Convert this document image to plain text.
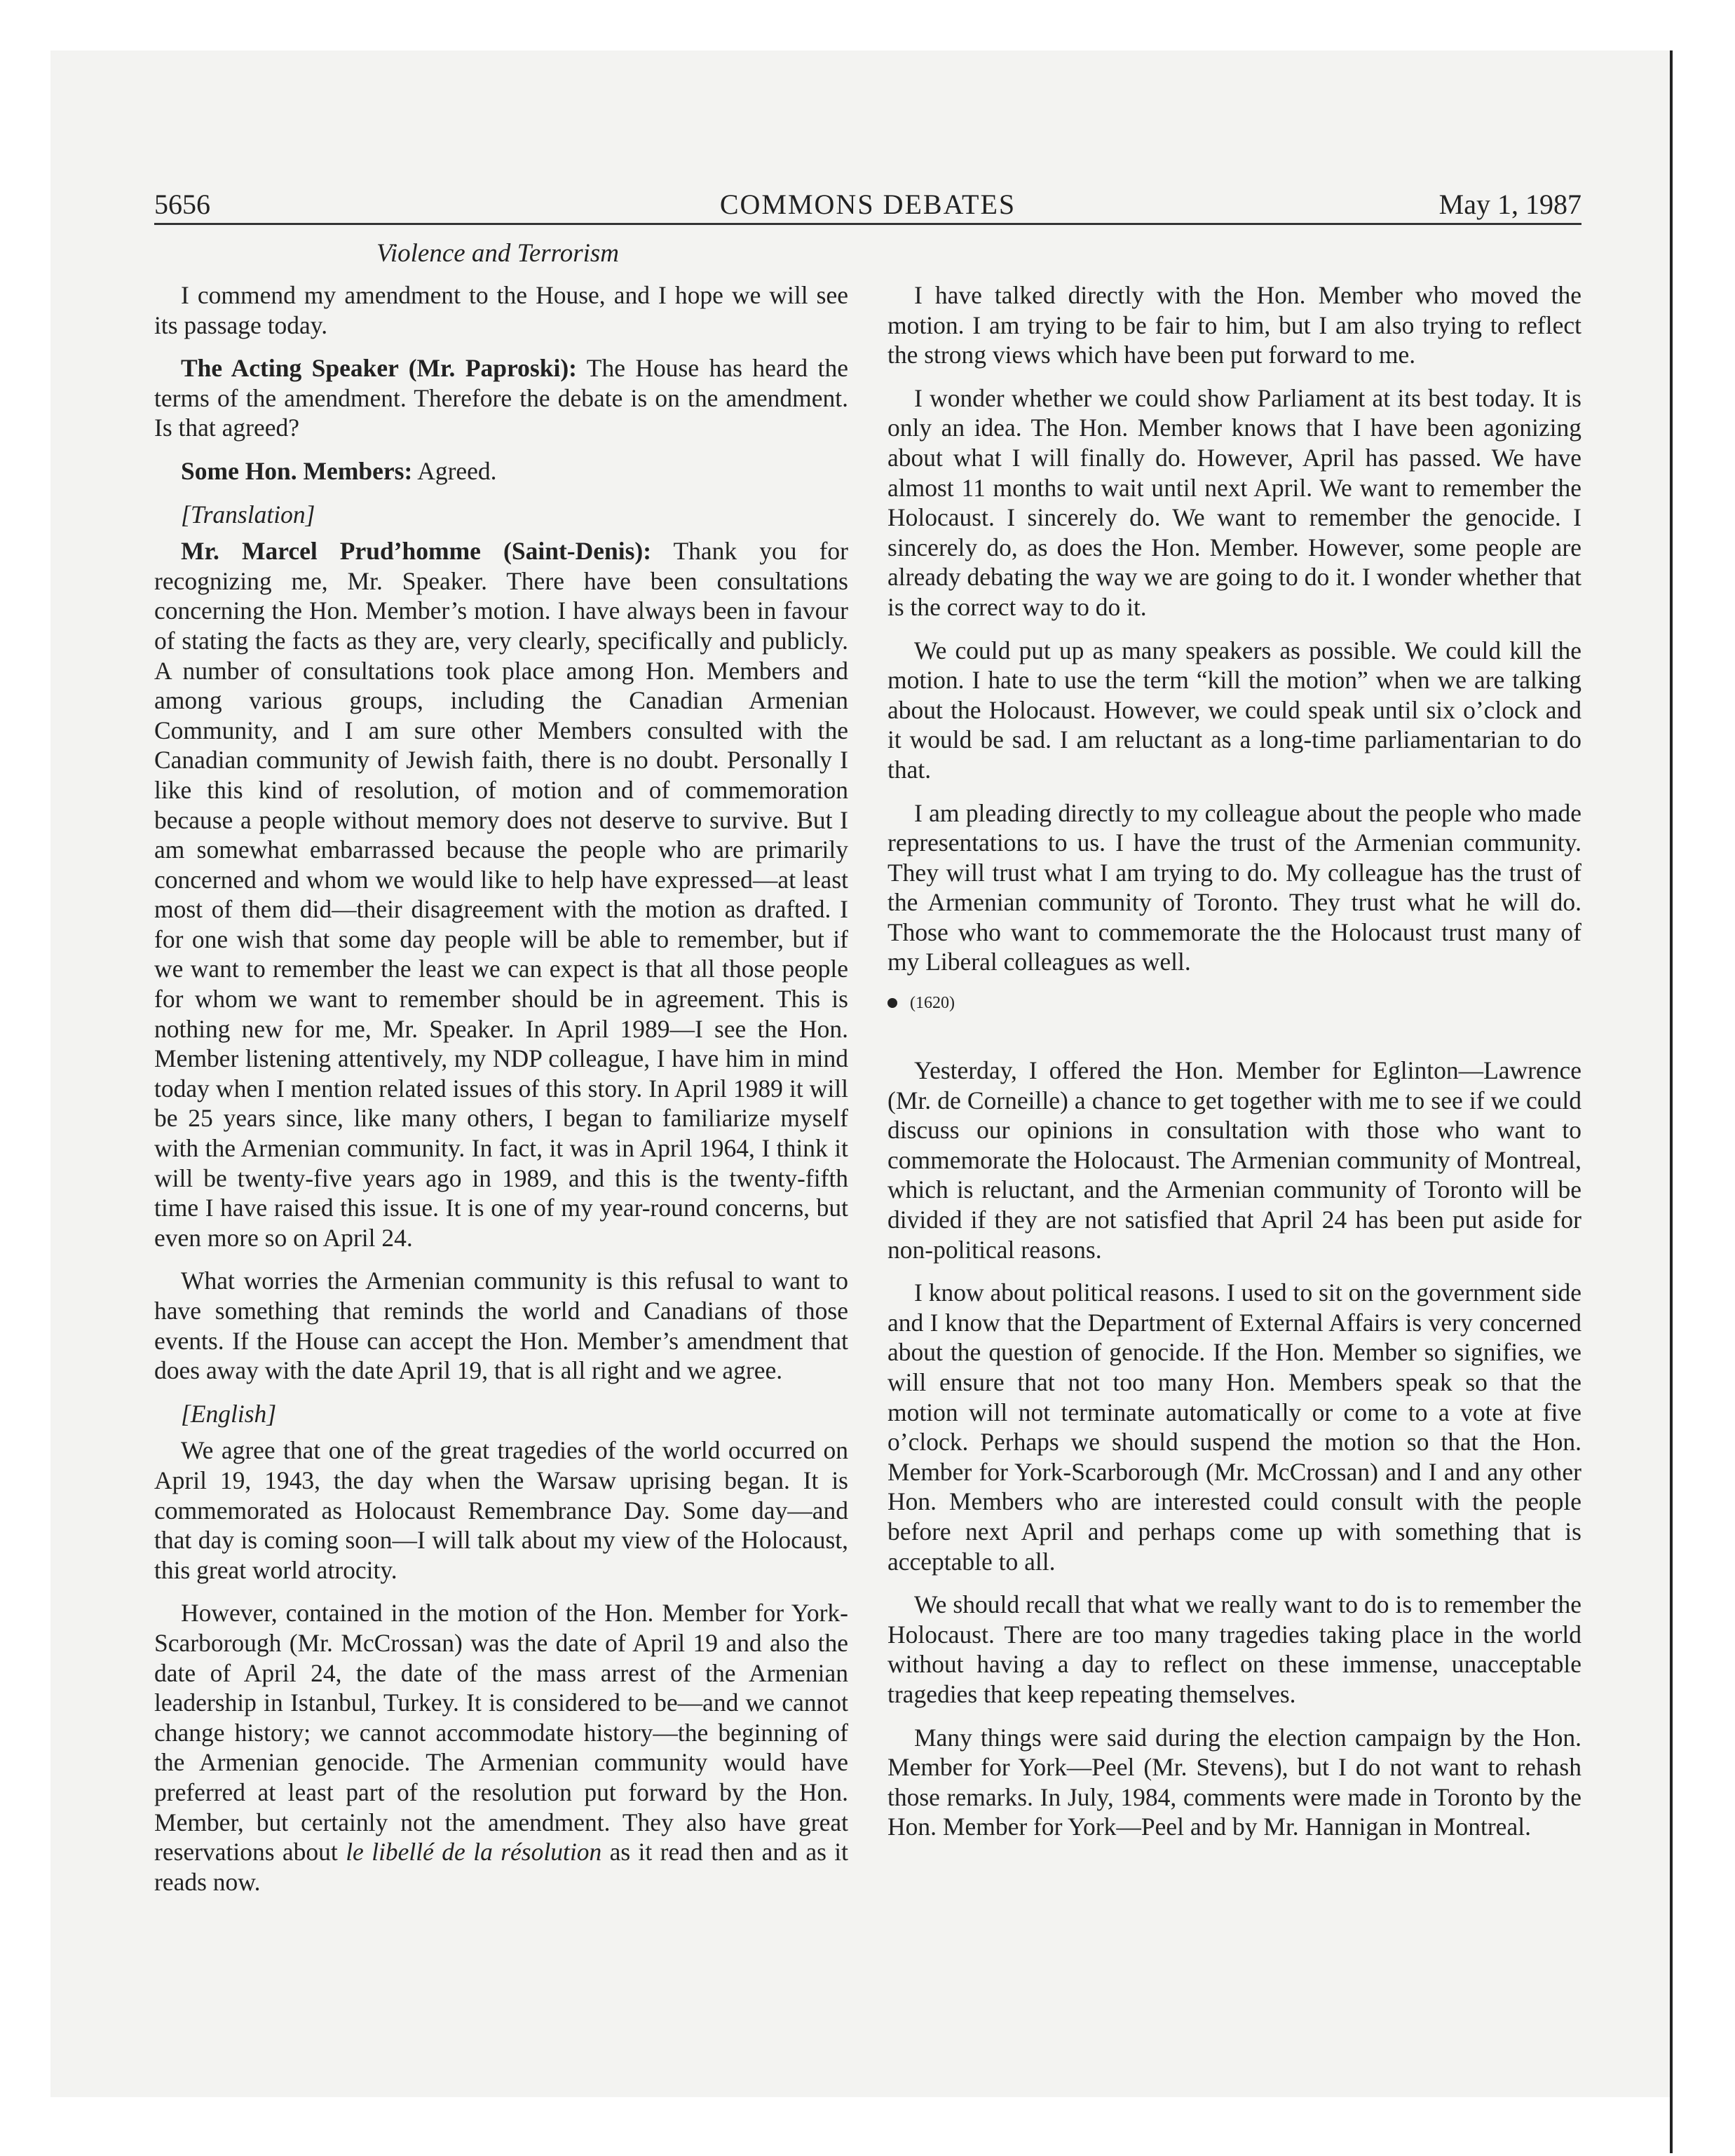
5656	COMMONS DEBATES	May 1, 1987
Violence and Terrorism

I commend my amendment to the House, and I hope we will see its passage today.

The Acting Speaker (Mr. Paproski): The House has heard the terms of the amendment. Therefore the debate is on the amendment. Is that agreed?

Some Hon. Members: Agreed.

[Translation]

Mr. Marcel Prud’homme (Saint-Denis): Thank you for recognizing me, Mr. Speaker. There have been consultations concerning the Hon. Member’s motion. I have always been in favour of stating the facts as they are, very clearly, specifically and publicly. A number of consultations took place among Hon. Members and among various groups, including the Canadian Armenian Community, and I am sure other Members consulted with the Canadian community of Jewish faith, there is no doubt. Personally I like this kind of resolution, of motion and of commemoration because a people without memory does not deserve to survive. But I am somewhat embarrassed because the people who are primarily concerned and whom we would like to help have expressed—at least most of them did—their disagreement with the motion as drafted. I for one wish that some day people will be able to remember, but if we want to remember the least we can expect is that all those people for whom we want to remember should be in agreement. This is nothing new for me, Mr. Speaker. In April 1989—I see the Hon. Member listening attentively, my NDP colleague, I have him in mind today when I mention related issues of this story. In April 1989 it will be 25 years since, like many others, I began to familiarize myself with the Armenian community. In fact, it was in April 1964, I think it will be twenty-five years ago in 1989, and this is the twenty-fifth time I have raised this issue. It is one of my year-round concerns, but even more so on April 24.

What worries the Armenian community is this refusal to want to have something that reminds the world and Canadians of those events. If the House can accept the Hon. Member’s amendment that does away with the date April 19, that is all right and we agree.

[English]

We agree that one of the great tragedies of the world occurred on April 19, 1943, the day when the Warsaw uprising began. It is commemorated as Holocaust Remembrance Day. Some day—and that day is coming soon—I will talk about my view of the Holocaust, this great world atrocity.

However, contained in the motion of the Hon. Member for York-Scarborough (Mr. McCrossan) was the date of April 19 and also the date of April 24, the date of the mass arrest of the Armenian leadership in Istanbul, Turkey. It is considered to be—and we cannot change history; we cannot accommodate history—the beginning of the Armenian genocide. The Armenian community would have preferred at least part of the resolution put forward by the Hon. Member, but certainly not the amendment. They also have great reservations about le libellé de la résolution as it read then and as it reads now.

I have talked directly with the Hon. Member who moved the motion. I am trying to be fair to him, but I am also trying to reflect the strong views which have been put forward to me.

I wonder whether we could show Parliament at its best today. It is only an idea. The Hon. Member knows that I have been agonizing about what I will finally do. However, April has passed. We have almost 11 months to wait until next April. We want to remember the Holocaust. I sincerely do. We want to remember the genocide. I sincerely do, as does the Hon. Member. However, some people are already debating the way we are going to do it. I wonder whether that is the correct way to do it.

We could put up as many speakers as possible. We could kill the motion. I hate to use the term “kill the motion” when we are talking about the Holocaust. However, we could speak until six o’clock and it would be sad. I am reluctant as a long-time parliamentarian to do that.

I am pleading directly to my colleague about the people who made representations to us. I have the trust of the Armenian community. They will trust what I am trying to do. My colleague has the trust of the Armenian community of Toronto. They trust what he will do. Those who want to commemorate the the Holocaust trust many of my Liberal colleagues as well.

(1620)

Yesterday, I offered the Hon. Member for Eglinton—Lawrence (Mr. de Corneille) a chance to get together with me to see if we could discuss our opinions in consultation with those who want to commemorate the Holocaust. The Armenian community of Montreal, which is reluctant, and the Armenian community of Toronto will be divided if they are not satisfied that April 24 has been put aside for non-political reasons.

I know about political reasons. I used to sit on the government side and I know that the Department of External Affairs is very concerned about the question of genocide. If the Hon. Member so signifies, we will ensure that not too many Hon. Members speak so that the motion will not terminate automatically or come to a vote at five o’clock. Perhaps we should suspend the motion so that the Hon. Member for York-Scarborough (Mr. McCrossan) and I and any other Hon. Members who are interested could consult with the people before next April and perhaps come up with something that is acceptable to all.

We should recall that what we really want to do is to remember the Holocaust. There are too many tragedies taking place in the world without having a day to reflect on these immense, unacceptable tragedies that keep repeating themselves.

Many things were said during the election campaign by the Hon. Member for York—Peel (Mr. Stevens), but I do not want to rehash those remarks. In July, 1984, comments were made in Toronto by the Hon. Member for York—Peel and by Mr. Hannigan in Montreal.
